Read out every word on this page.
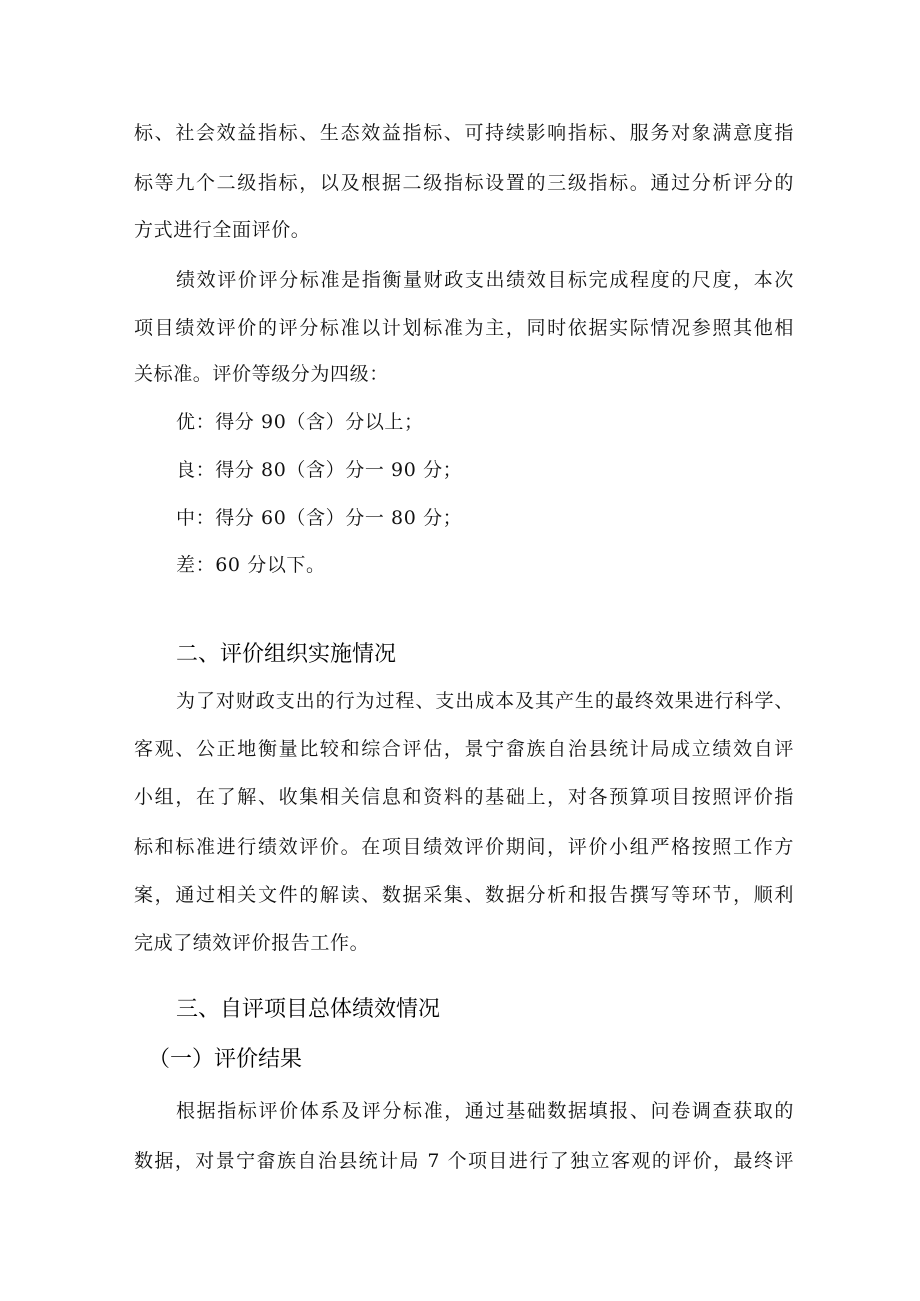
标、社会效益指标、生态效益指标、可持续影响指标、服务对象满意度指
标等九个二级指标，以及根据二级指标设置的三级指标。通过分析评分的
方式进行全面评价。
绩效评价评分标准是指衡量财政支出绩效目标完成程度的尺度，本次
项目绩效评价的评分标准以计划标准为主，同时依据实际情况参照其他相
关标准。评价等级分为四级：
优：得分 90（含）分以上；
良：得分 80（含）分一 90 分；
中：得分 60（含）分一 80 分；
差：60 分以下。
二、评价组织实施情况
为了对财政支出的行为过程、支出成本及其产生的最终效果进行科学、
客观、公正地衡量比较和综合评估，景宁畲族自治县统计局成立绩效自评
小组，在了解、收集相关信息和资料的基础上，对各预算项目按照评价指
标和标准进行绩效评价。在项目绩效评价期间，评价小组严格按照工作方
案，通过相关文件的解读、数据采集、数据分析和报告撰写等环节，顺利
完成了绩效评价报告工作。
三、自评项目总体绩效情况
（一）评价结果
根据指标评价体系及评分标准，通过基础数据填报、问卷调查获取的
数据，对景宁畲族自治县统计局 7 个项目进行了独立客观的评价，最终评
